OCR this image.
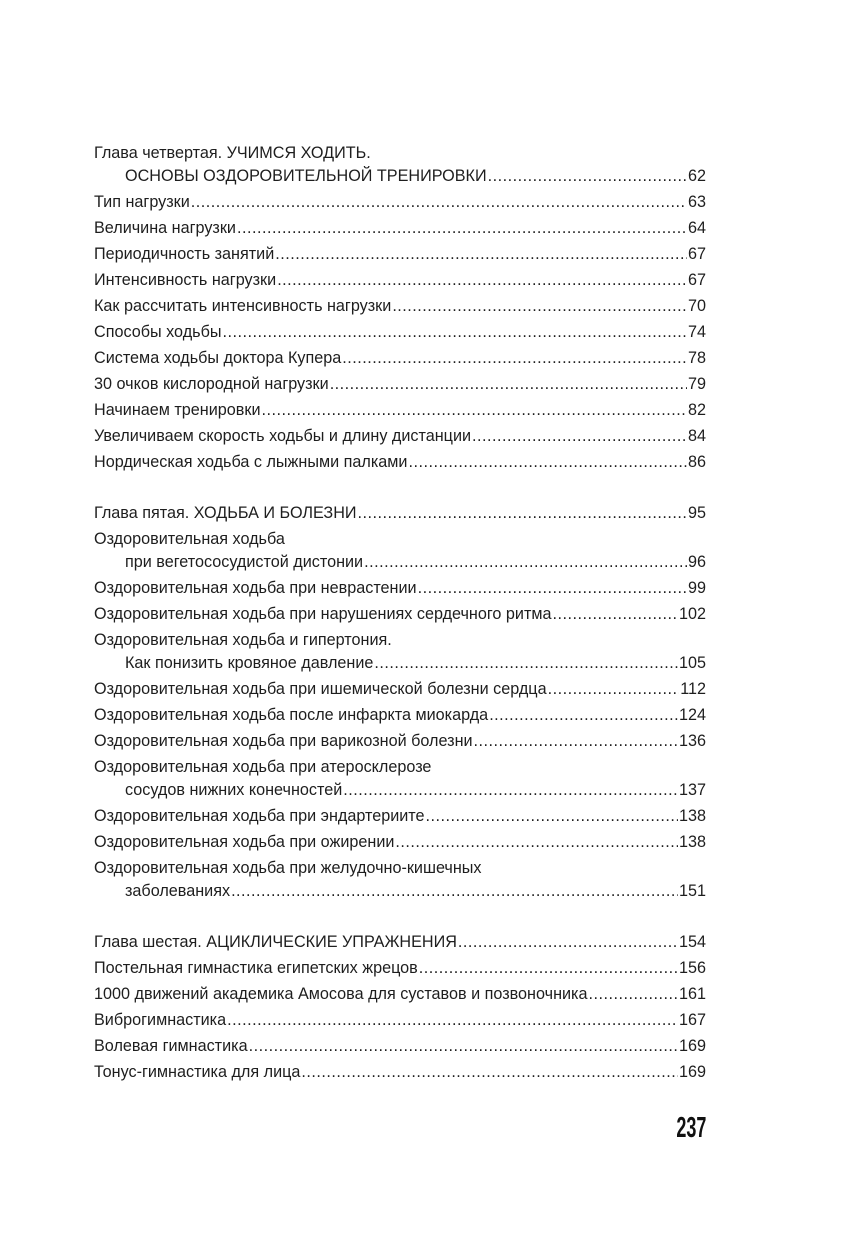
Глава четвертая. УЧИМСЯ ХОДИТЬ.
ОСНОВЫ ОЗДОРОВИТЕЛЬНОЙ ТРЕНИРОВКИ .....	62
Тип нагрузки .....	63
Величина нагрузки .....	64
Периодичность занятий .....	67
Интенсивность нагрузки .....	67
Как рассчитать интенсивность нагрузки .....	70
Способы ходьбы .....	74
Система ходьбы доктора Купера .....	78
30 очков кислородной нагрузки .....	79
Начинаем тренировки .....	82
Увеличиваем скорость ходьбы и длину дистанции .....	84
Нордическая ходьба с лыжными палками .....	86
Глава пятая. ХОДЬБА И БОЛЕЗНИ .....	95
Оздоровительная ходьба
при вегетососудистой дистонии .....	96
Оздоровительная ходьба при неврастении .....	99
Оздоровительная ходьба при нарушениях сердечного ритма .....	102
Оздоровительная ходьба и гипертония.
Как понизить кровяное давление .....	105
Оздоровительная ходьба при ишемической болезни сердца .....	112
Оздоровительная ходьба после инфаркта миокарда .....	124
Оздоровительная ходьба при варикозной болезни .....	136
Оздоровительная ходьба при атеросклерозе
сосудов нижних конечностей .....	137
Оздоровительная ходьба при эндартериите .....	138
Оздоровительная ходьба при ожирении .....	138
Оздоровительная ходьба при желудочно-кишечных
заболеваниях .....	151
Глава шестая. АЦИКЛИЧЕСКИЕ УПРАЖНЕНИЯ .....	154
Постельная гимнастика египетских жрецов .....	156
1000 движений академика Амосова для суставов и позвоночника .....	161
Виброгимнастика .....	167
Волевая гимнастика .....	169
Тонус-гимнастика для лица .....	169
237
